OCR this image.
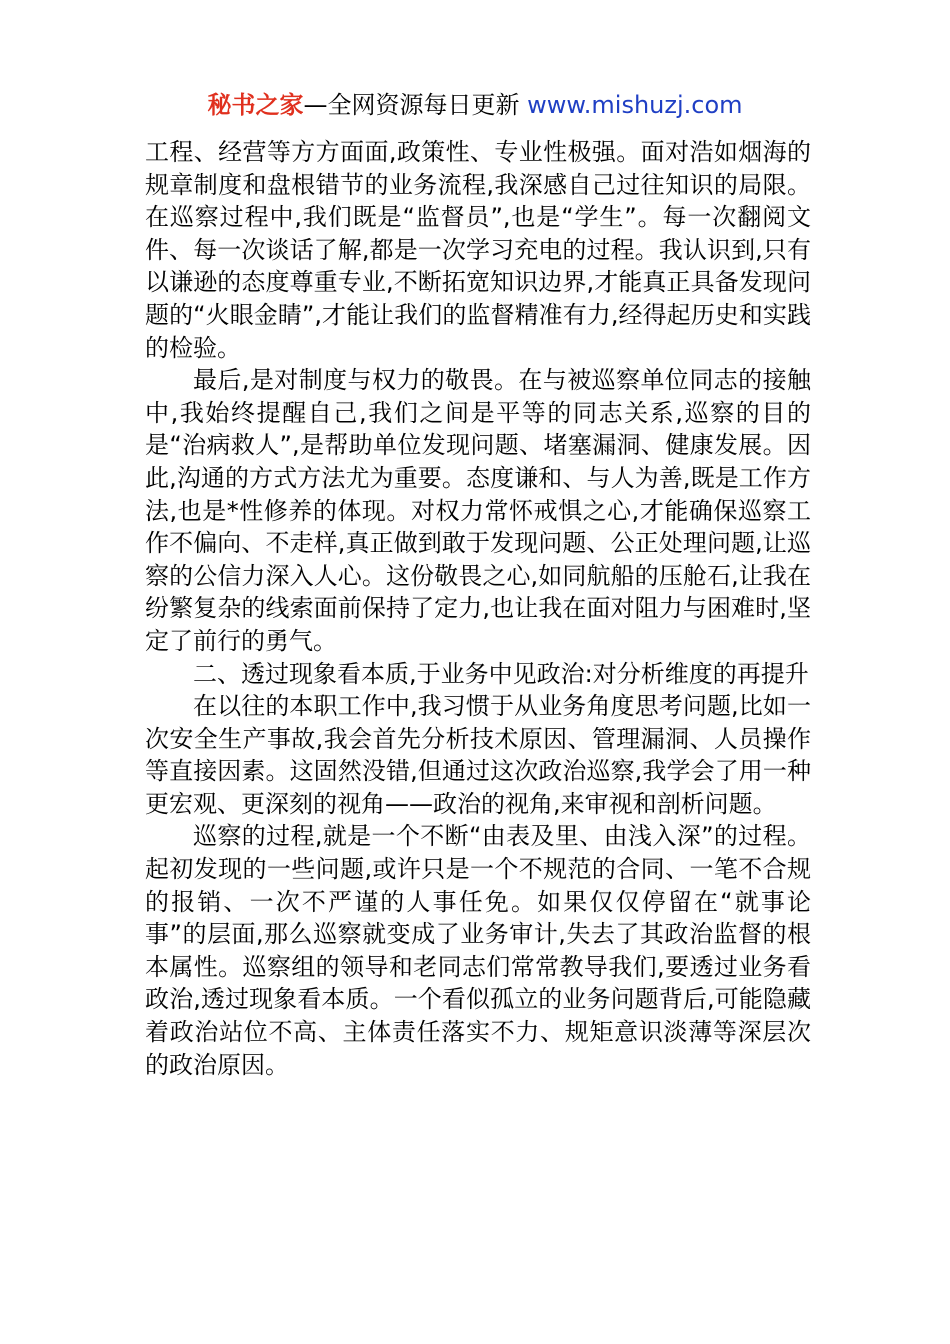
秘书之家—全网资源每日更新 www.mishuzj.com

工程、经营等方方面面,政策性、专业性极强。面对浩如烟海的规章制度和盘根错节的业务流程,我深感自己过往知识的局限。在巡察过程中,我们既是“监督员”,也是“学生”。每一次翻阅文件、每一次谈话了解,都是一次学习充电的过程。我认识到,只有以谦逊的态度尊重专业,不断拓宽知识边界,才能真正具备发现问题的“火眼金睛”,才能让我们的监督精准有力,经得起历史和实践的检验。

最后,是对制度与权力的敬畏。在与被巡察单位同志的接触中,我始终提醒自己,我们之间是平等的同志关系,巡察的目的是“治病救人”,是帮助单位发现问题、堵塞漏洞、健康发展。因此,沟通的方式方法尤为重要。态度谦和、与人为善,既是工作方法,也是*性修养的体现。对权力常怀戒惧之心,才能确保巡察工作不偏向、不走样,真正做到敢于发现问题、公正处理问题,让巡察的公信力深入人心。这份敬畏之心,如同航船的压舱石,让我在纷繁复杂的线索面前保持了定力,也让我在面对阻力与困难时,坚定了前行的勇气。

二、透过现象看本质,于业务中见政治:对分析维度的再提升

在以往的本职工作中,我习惯于从业务角度思考问题,比如一次安全生产事故,我会首先分析技术原因、管理漏洞、人员操作等直接因素。这固然没错,但通过这次政治巡察,我学会了用一种更宏观、更深刻的视角——政治的视角,来审视和剖析问题。

巡察的过程,就是一个不断“由表及里、由浅入深”的过程。起初发现的一些问题,或许只是一个不规范的合同、一笔不合规的报销、一次不严谨的人事任免。如果仅仅停留在“就事论事”的层面,那么巡察就变成了业务审计,失去了其政治监督的根本属性。巡察组的领导和老同志们常常教导我们,要透过业务看政治,透过现象看本质。一个看似孤立的业务问题背后,可能隐藏着政治站位不高、主体责任落实不力、规矩意识淡薄等深层次的政治原因。
